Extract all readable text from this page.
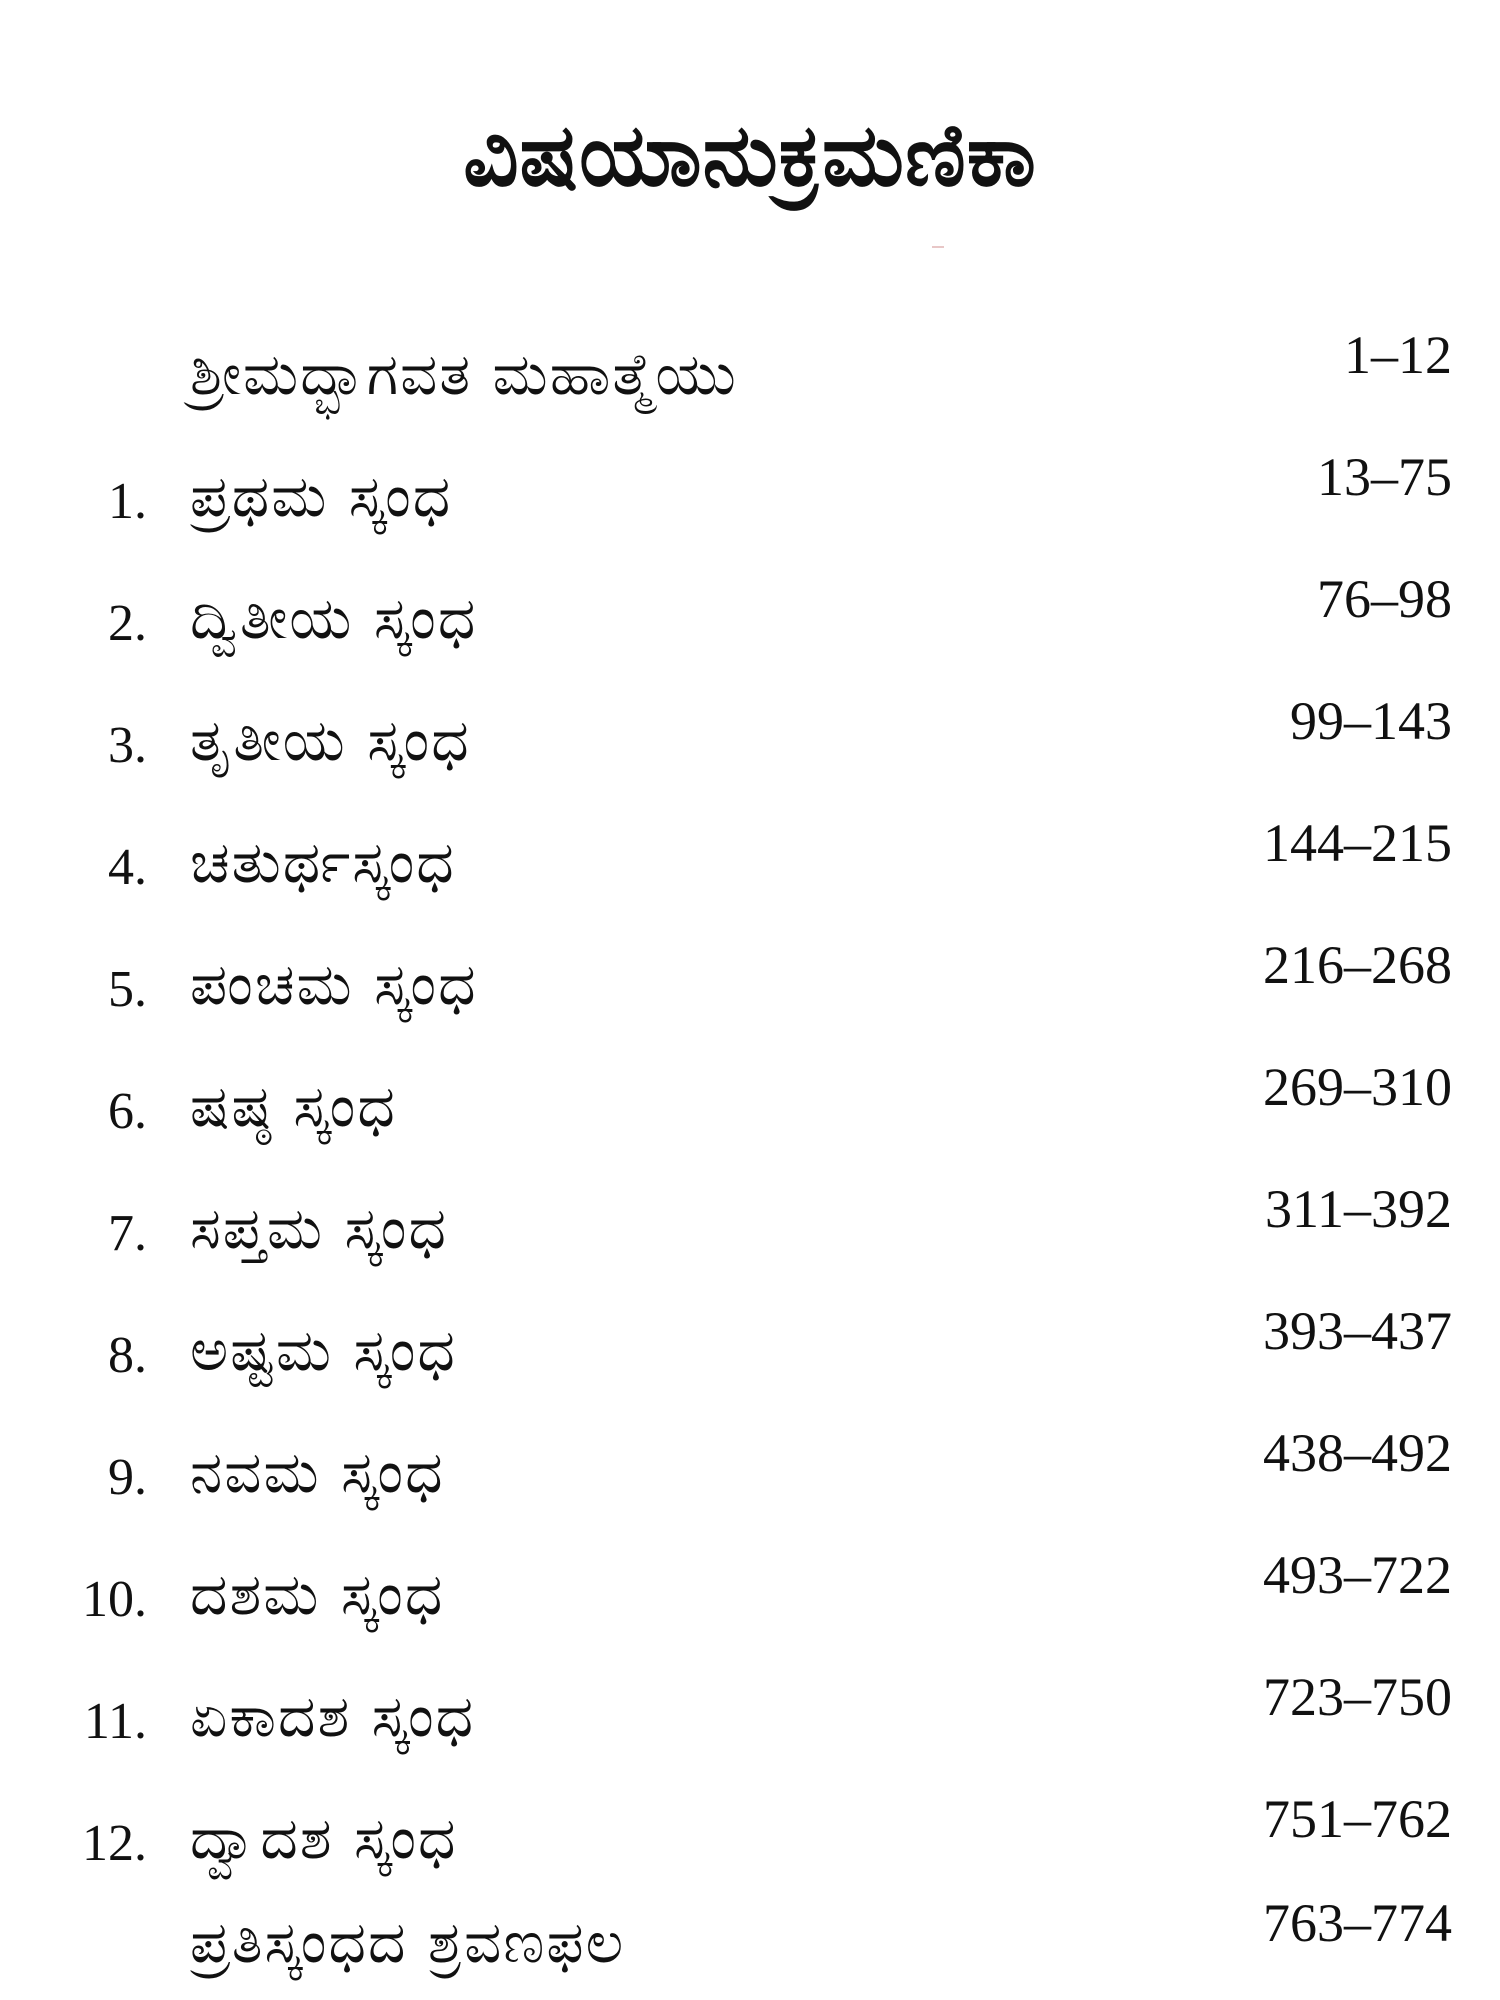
ವಿಷಯಾನುಕ್ರಮಣಿಕಾ
ಶ್ರೀಮದ್ಭಾಗವತ ಮಹಾತ್ಮೆಯು	1–12
1. ಪ್ರಥಮ ಸ್ಕಂಧ	13–75
2. ದ್ವಿತೀಯ ಸ್ಕಂಧ	76–98
3. ತೃತೀಯ ಸ್ಕಂಧ	99–143
4. ಚತುರ್ಥಸ್ಕಂಧ	144–215
5. ಪಂಚಮ ಸ್ಕಂಧ	216–268
6. ಷಷ್ಠ ಸ್ಕಂಧ	269–310
7. ಸಪ್ತಮ ಸ್ಕಂಧ	311–392
8. ಅಷ್ಟಮ ಸ್ಕಂಧ	393–437
9. ನವಮ ಸ್ಕಂಧ	438–492
10. ದಶಮ ಸ್ಕಂಧ	493–722
11. ಏಕಾದಶ ಸ್ಕಂಧ	723–750
12. ದ್ವಾದಶ ಸ್ಕಂಧ	751–762
ಪ್ರತಿಸ್ಕಂಧದ ಶ್ರವಣಫಲ	763–774
